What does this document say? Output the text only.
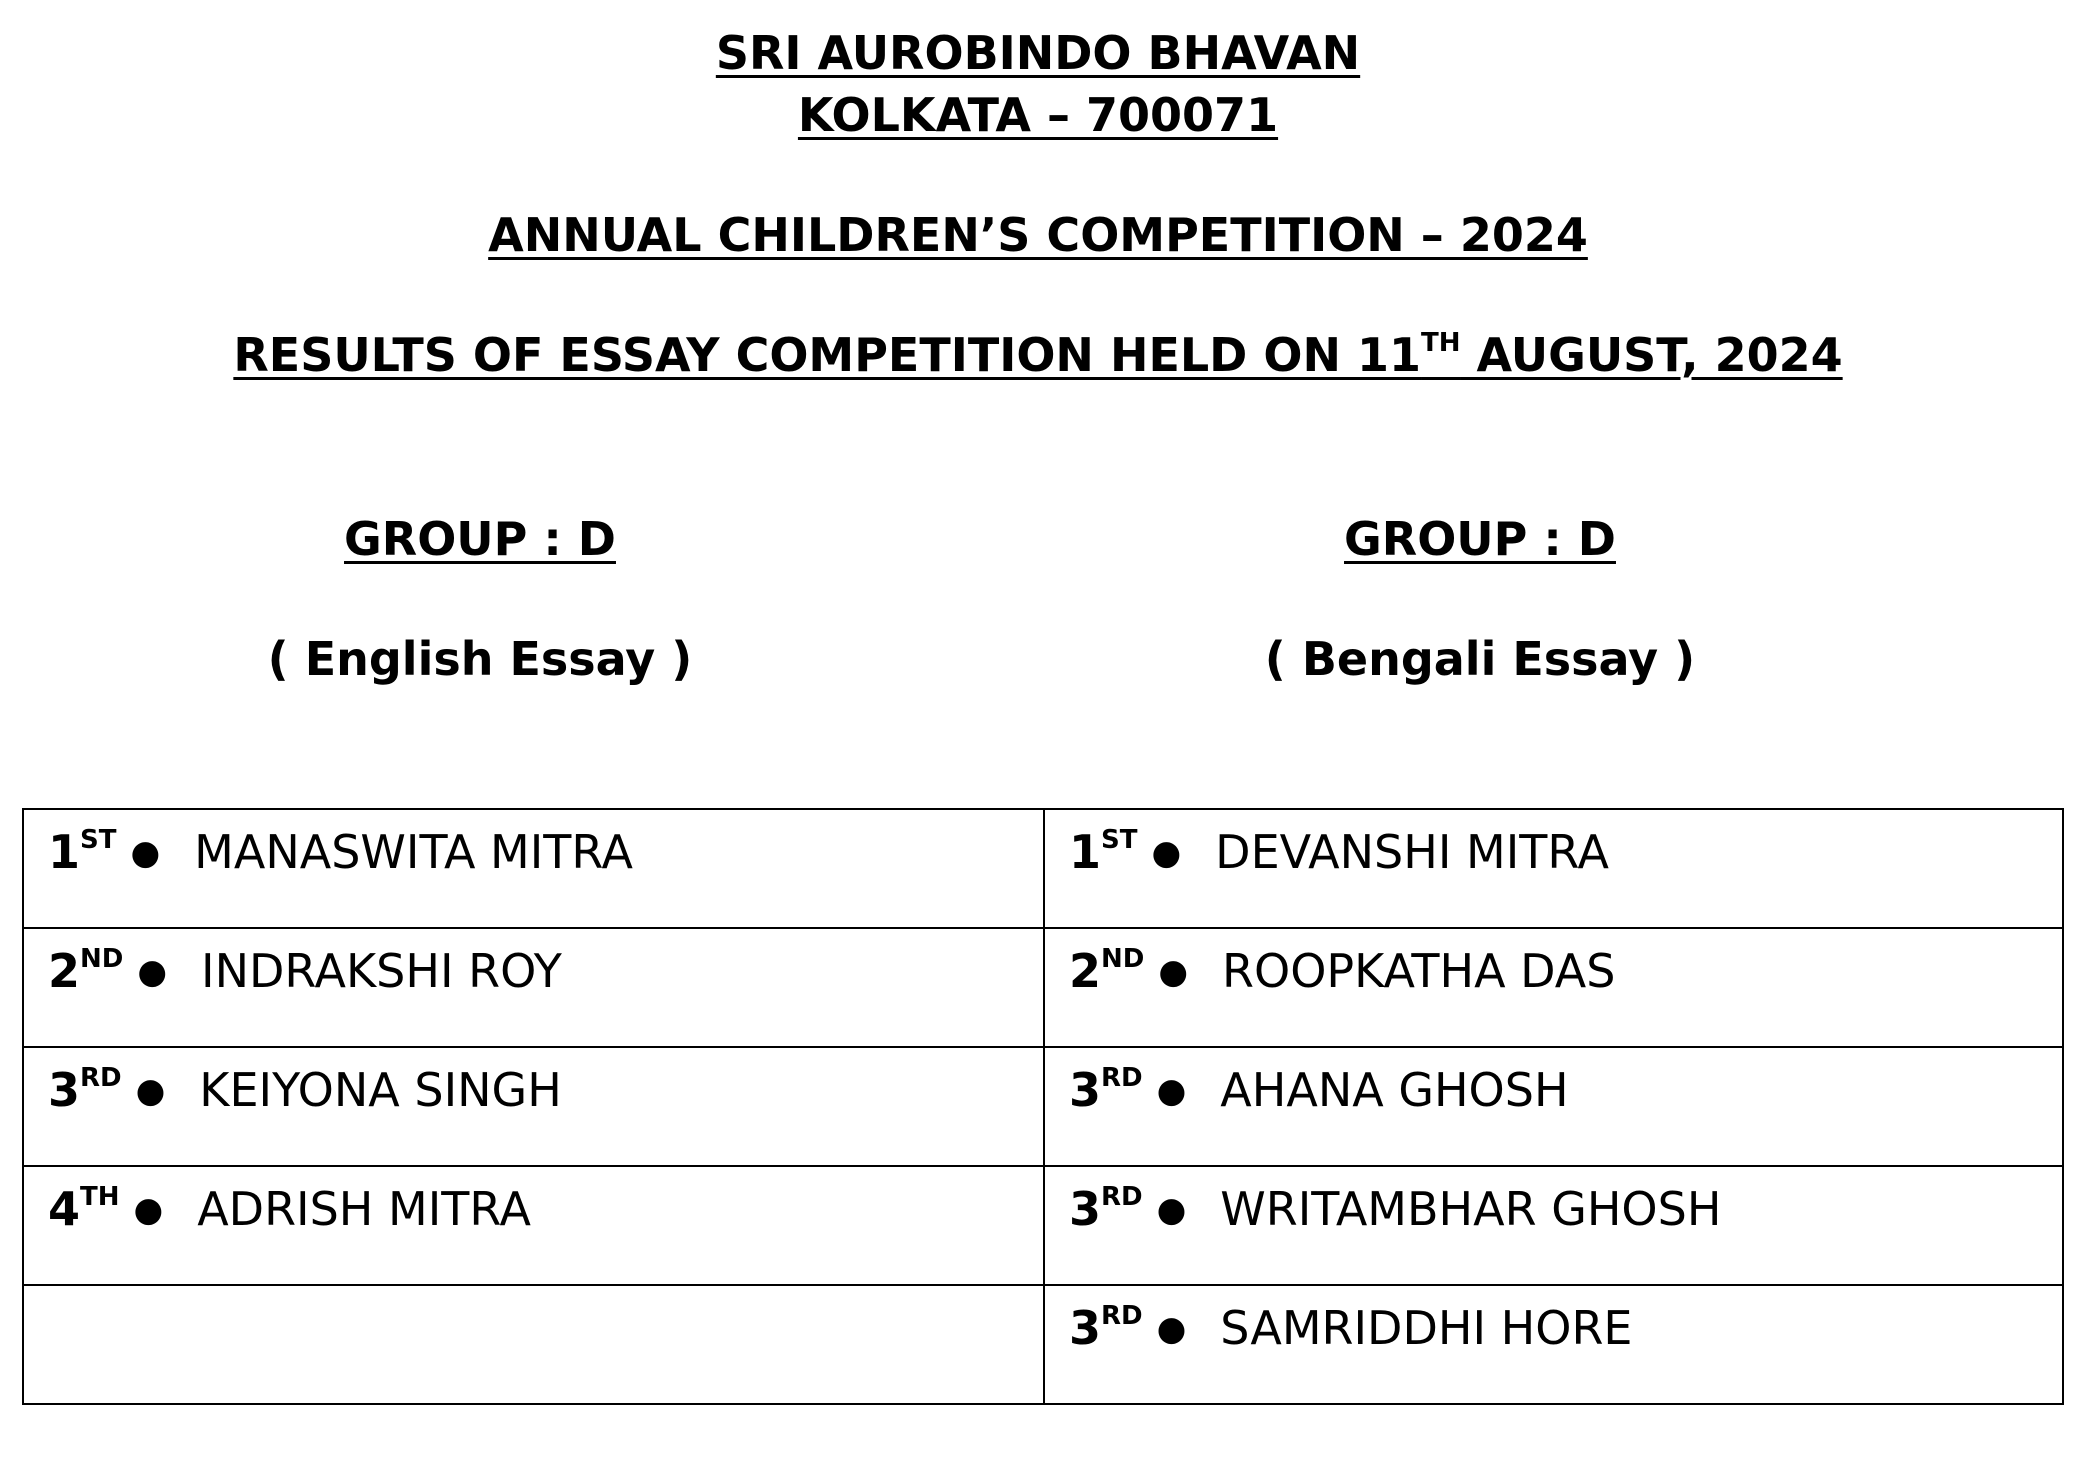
SRI AUROBINDO BHAVAN
KOLKATA – 700071
ANNUAL CHILDREN’S COMPETITION – 2024
RESULTS OF ESSAY COMPETITION HELD ON 11TH AUGUST, 2024
GROUP : D
( English Essay )
GROUP : D
( Bengali Essay )
1ST ● MANASWITA MITRA	1ST ● DEVANSHI MITRA
2ND ● INDRAKSHI ROY	2ND ● ROOPKATHA DAS
3RD ● KEIYONA SINGH	3RD ● AHANA GHOSH
4TH ● ADRISH MITRA	3RD ● WRITAMBHAR GHOSH
	3RD ● SAMRIDDHI HORE
